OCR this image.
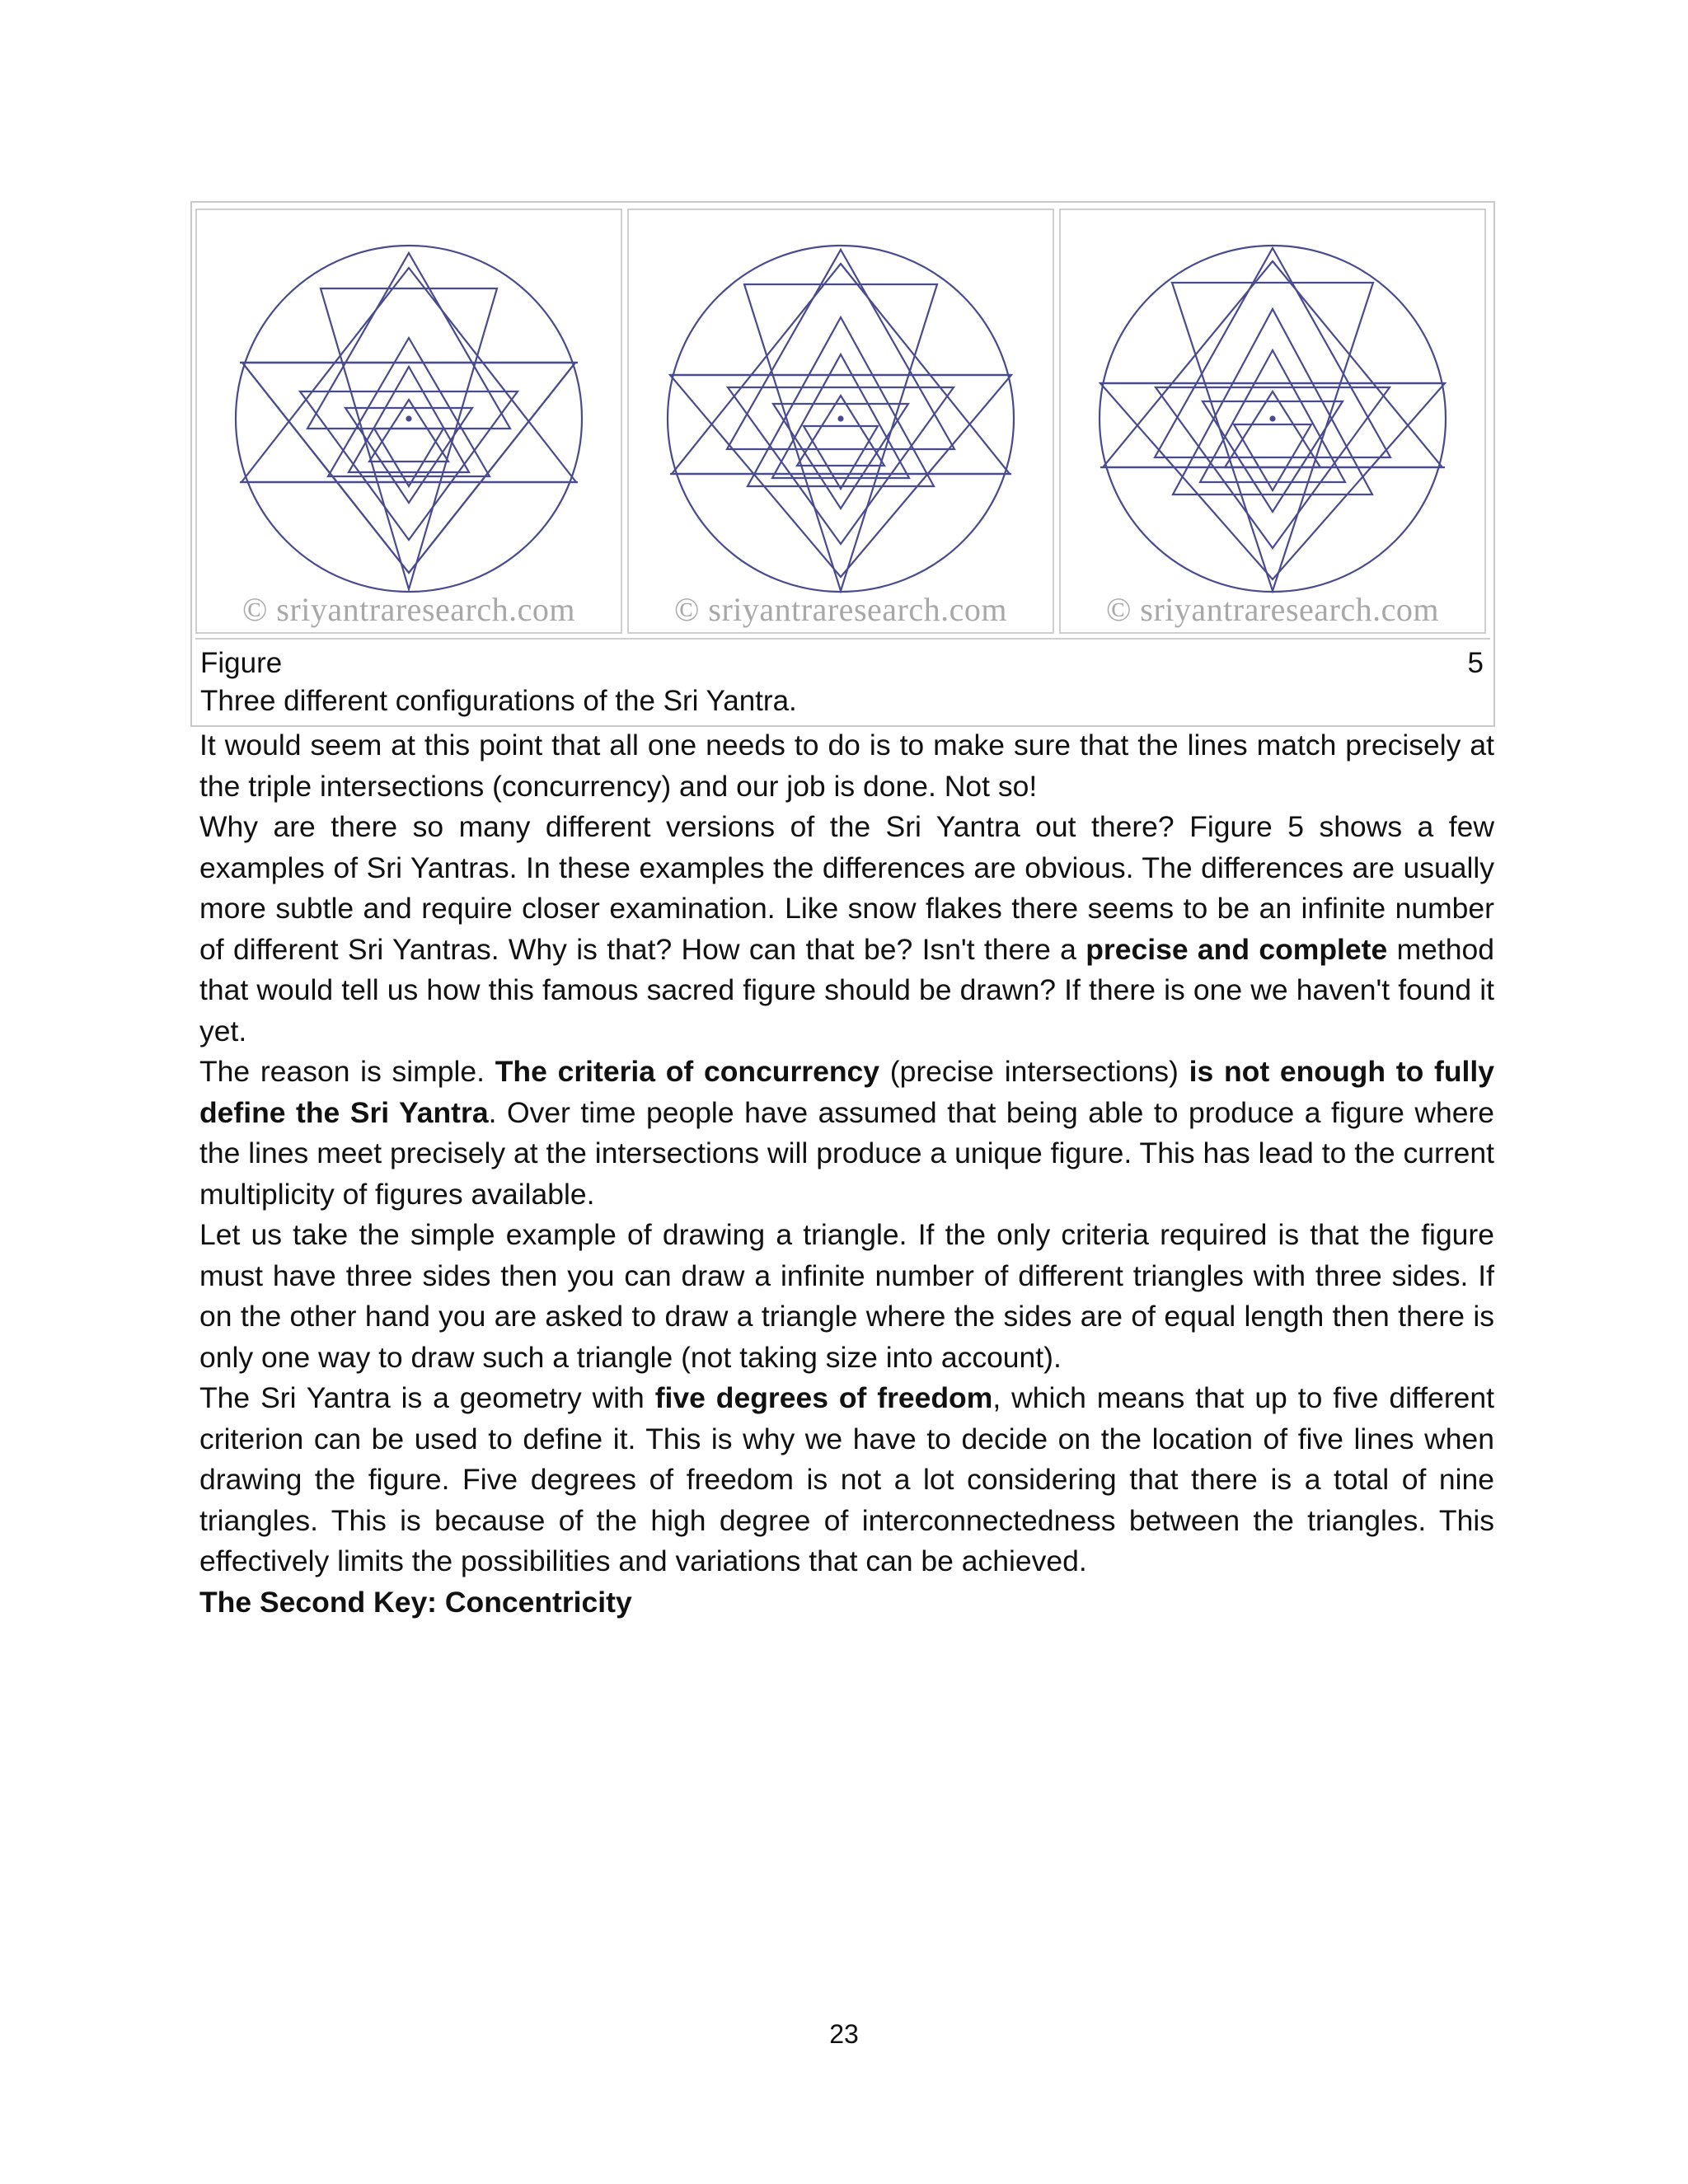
© sriyantraresearch.com	© sriyantraresearch.com	© sriyantraresearch.com
Figure	5
Three different configurations of the Sri Yantra.

It would seem at this point that all one needs to do is to make sure that the lines match precisely at the triple intersections (concurrency) and our job is done. Not so!

Why are there so many different versions of the Sri Yantra out there? Figure 5 shows a few examples of Sri Yantras. In these examples the differences are obvious. The differences are usually more subtle and require closer examination. Like snow flakes there seems to be an infinite number of different Sri Yantras. Why is that? How can that be? Isn't there a precise and complete method that would tell us how this famous sacred figure should be drawn? If there is one we haven't found it yet.

The reason is simple. The criteria of concurrency (precise intersections) is not enough to fully define the Sri Yantra. Over time people have assumed that being able to produce a figure where the lines meet precisely at the intersections will produce a unique figure. This has lead to the current multiplicity of figures available.

Let us take the simple example of drawing a triangle. If the only criteria required is that the figure must have three sides then you can draw a infinite number of different triangles with three sides. If on the other hand you are asked to draw a triangle where the sides are of equal length then there is only one way to draw such a triangle (not taking size into account).

The Sri Yantra is a geometry with five degrees of freedom, which means that up to five different criterion can be used to define it. This is why we have to decide on the location of five lines when drawing the figure. Five degrees of freedom is not a lot considering that there is a total of nine triangles. This is because of the high degree of interconnectedness between the triangles. This effectively limits the possibilities and variations that can be achieved.

The Second Key: Concentricity

23
